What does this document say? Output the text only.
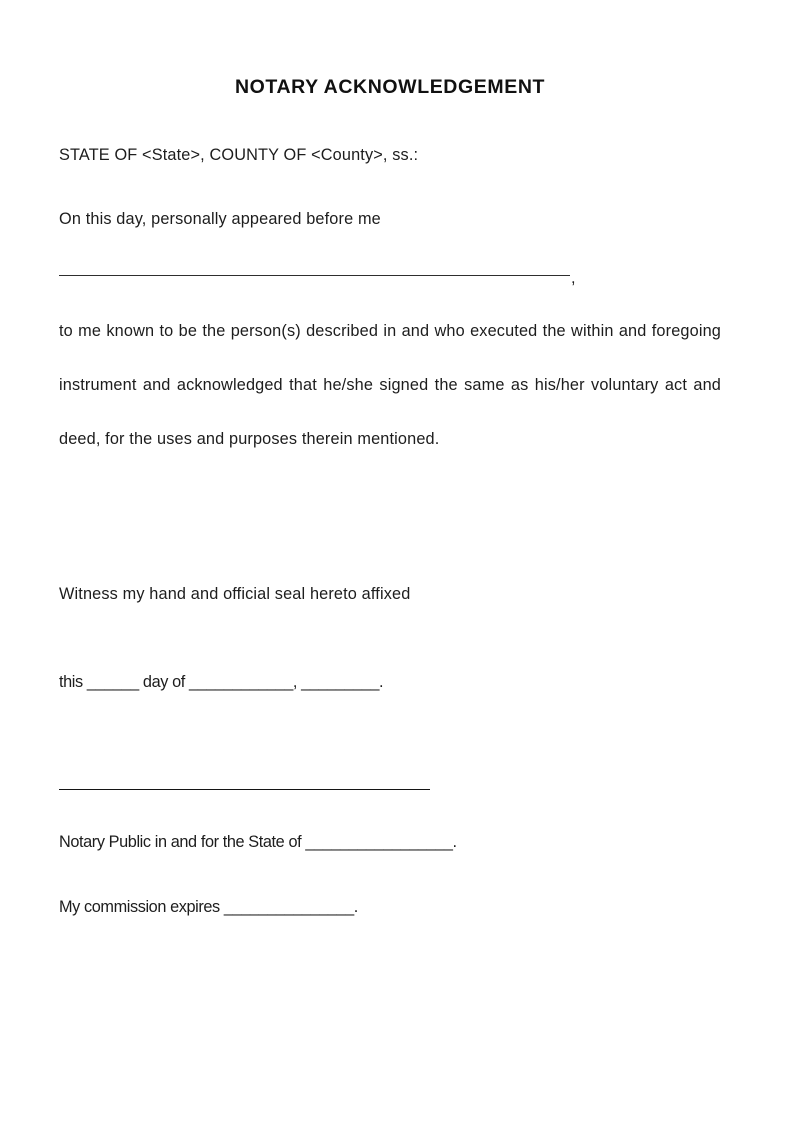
NOTARY ACKNOWLEDGEMENT
STATE OF <State>, COUNTY OF <County>, ss.:
On this day, personally appeared before me
,

to me known to be the person(s) described in and who executed the within and foregoing instrument and acknowledged that he/she signed the same as his/her voluntary act and deed, for the uses and purposes therein mentioned.

Witness my hand and official seal hereto affixed
this ______ day of ____________, _________.
Notary Public in and for the State of _________________.
My commission expires _______________.
